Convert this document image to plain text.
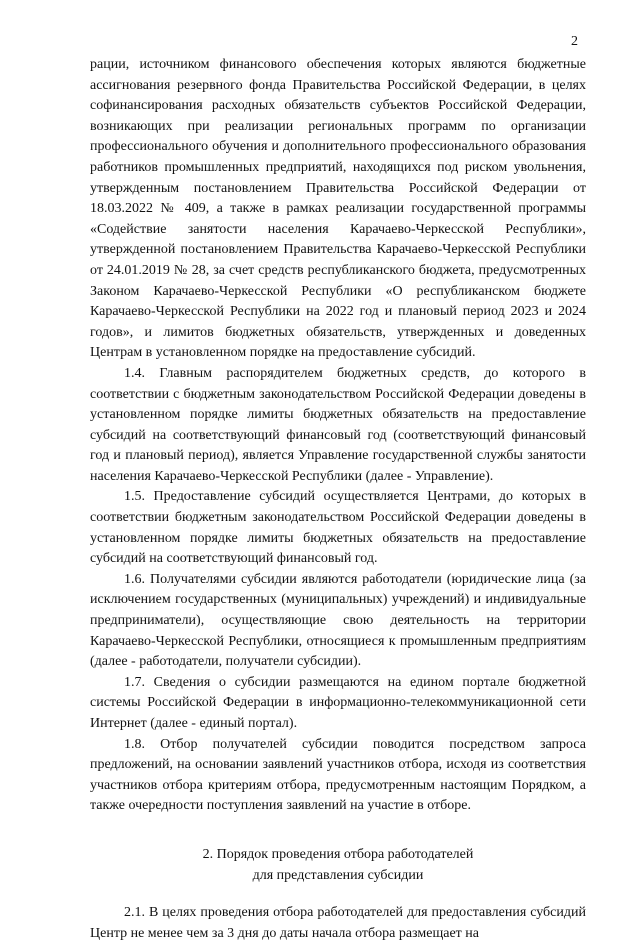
2

рации, источником финансового обеспечения которых являются бюджетные ассигнования резервного фонда Правительства Российской Федерации, в целях софинансирования расходных обязательств субъектов Российской Федерации, возникающих при реализации региональных программ по организации профессионального обучения и дополнительного профессионального образования работников промышленных предприятий, находящихся под риском увольнения, утвержденным постановлением Правительства Российской Федерации от 18.03.2022 № 409, а также в рамках реализации государственной программы «Содействие занятости населения Карачаево-Черкесской Республики», утвержденной постановлением Правительства Карачаево-Черкесской Республики от 24.01.2019 № 28, за счет средств республиканского бюджета, предусмотренных Законом Карачаево-Черкесской Республики «О республиканском бюджете Карачаево-Черкесской Республики на 2022 год и плановый период 2023 и 2024 годов», и лимитов бюджетных обязательств, утвержденных и доведенных Центрам в установленном порядке на предоставление субсидий.

1.4. Главным распорядителем бюджетных средств, до которого в соответствии с бюджетным законодательством Российской Федерации доведены в установленном порядке лимиты бюджетных обязательств на предоставление субсидий на соответствующий финансовый год (соответствующий финансовый год и плановый период), является Управление государственной службы занятости населения Карачаево-Черкесской Республики (далее - Управление).

1.5. Предоставление субсидий осуществляется Центрами, до которых в соответствии бюджетным законодательством Российской Федерации доведены в установленном порядке лимиты бюджетных обязательств на предоставление субсидий на соответствующий финансовый год.

1.6. Получателями субсидии являются работодатели (юридические лица (за исключением государственных (муниципальных) учреждений) и индивидуальные предприниматели), осуществляющие свою деятельность на территории Карачаево-Черкесской Республики, относящиеся к промышленным предприятиям (далее - работодатели, получатели субсидии).

1.7. Сведения о субсидии размещаются на едином портале бюджетной системы Российской Федерации в информационно-телекоммуникационной сети Интернет (далее - единый портал).

1.8. Отбор получателей субсидии поводится посредством запроса предложений, на основании заявлений участников отбора, исходя из соответствия участников отбора критериям отбора, предусмотренным настоящим Порядком, а также очередности поступления заявлений на участие в отборе.

2. Порядок проведения отбора работодателей
для представления субсидии

2.1. В целях проведения отбора работодателей для предоставления субсидий Центр не менее чем за 3 дня до даты начала отбора размещает на
